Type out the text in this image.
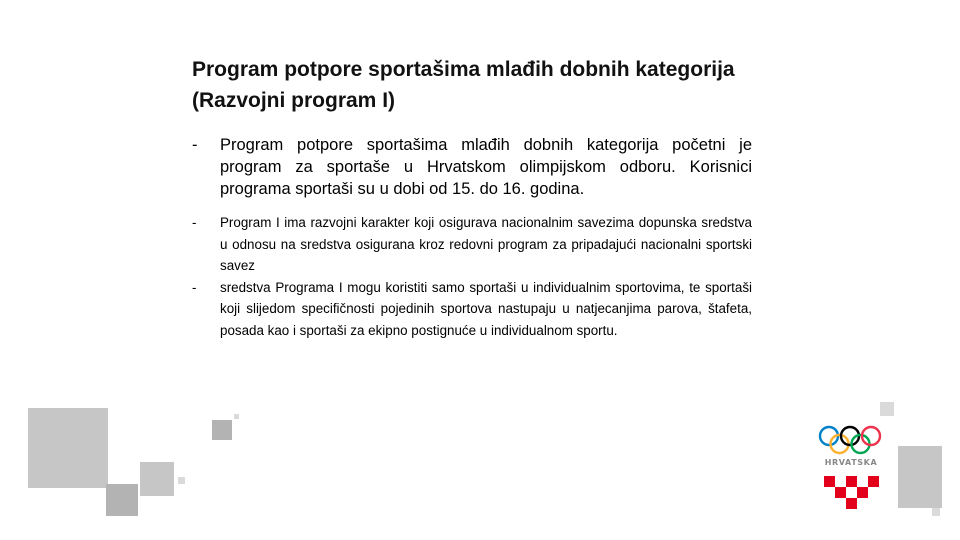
Program potpore sportašima mlađih dobnih kategorija (Razvojni program I)
-	Program potpore sportašima mlađih dobnih kategorija početni je program za sportaše u Hrvatskom olimpijskom odboru. Korisnici programa sportaši su u dobi od 15. do 16. godina.

-	Program I ima razvojni karakter koji osigurava nacionalnim savezima dopunska sredstva u odnosu na sredstva osigurana kroz redovni program za pripadajući nacionalni sportski savez

-	sredstva Programa I mogu koristiti samo sportaši u individualnim sportovima, te sportaši koji slijedom specifičnosti pojedinih sportova nastupaju u natjecanjima parova, štafeta, posada kao i sportaši za ekipno postignuće u individualnom sportu.

HRVATSKA
